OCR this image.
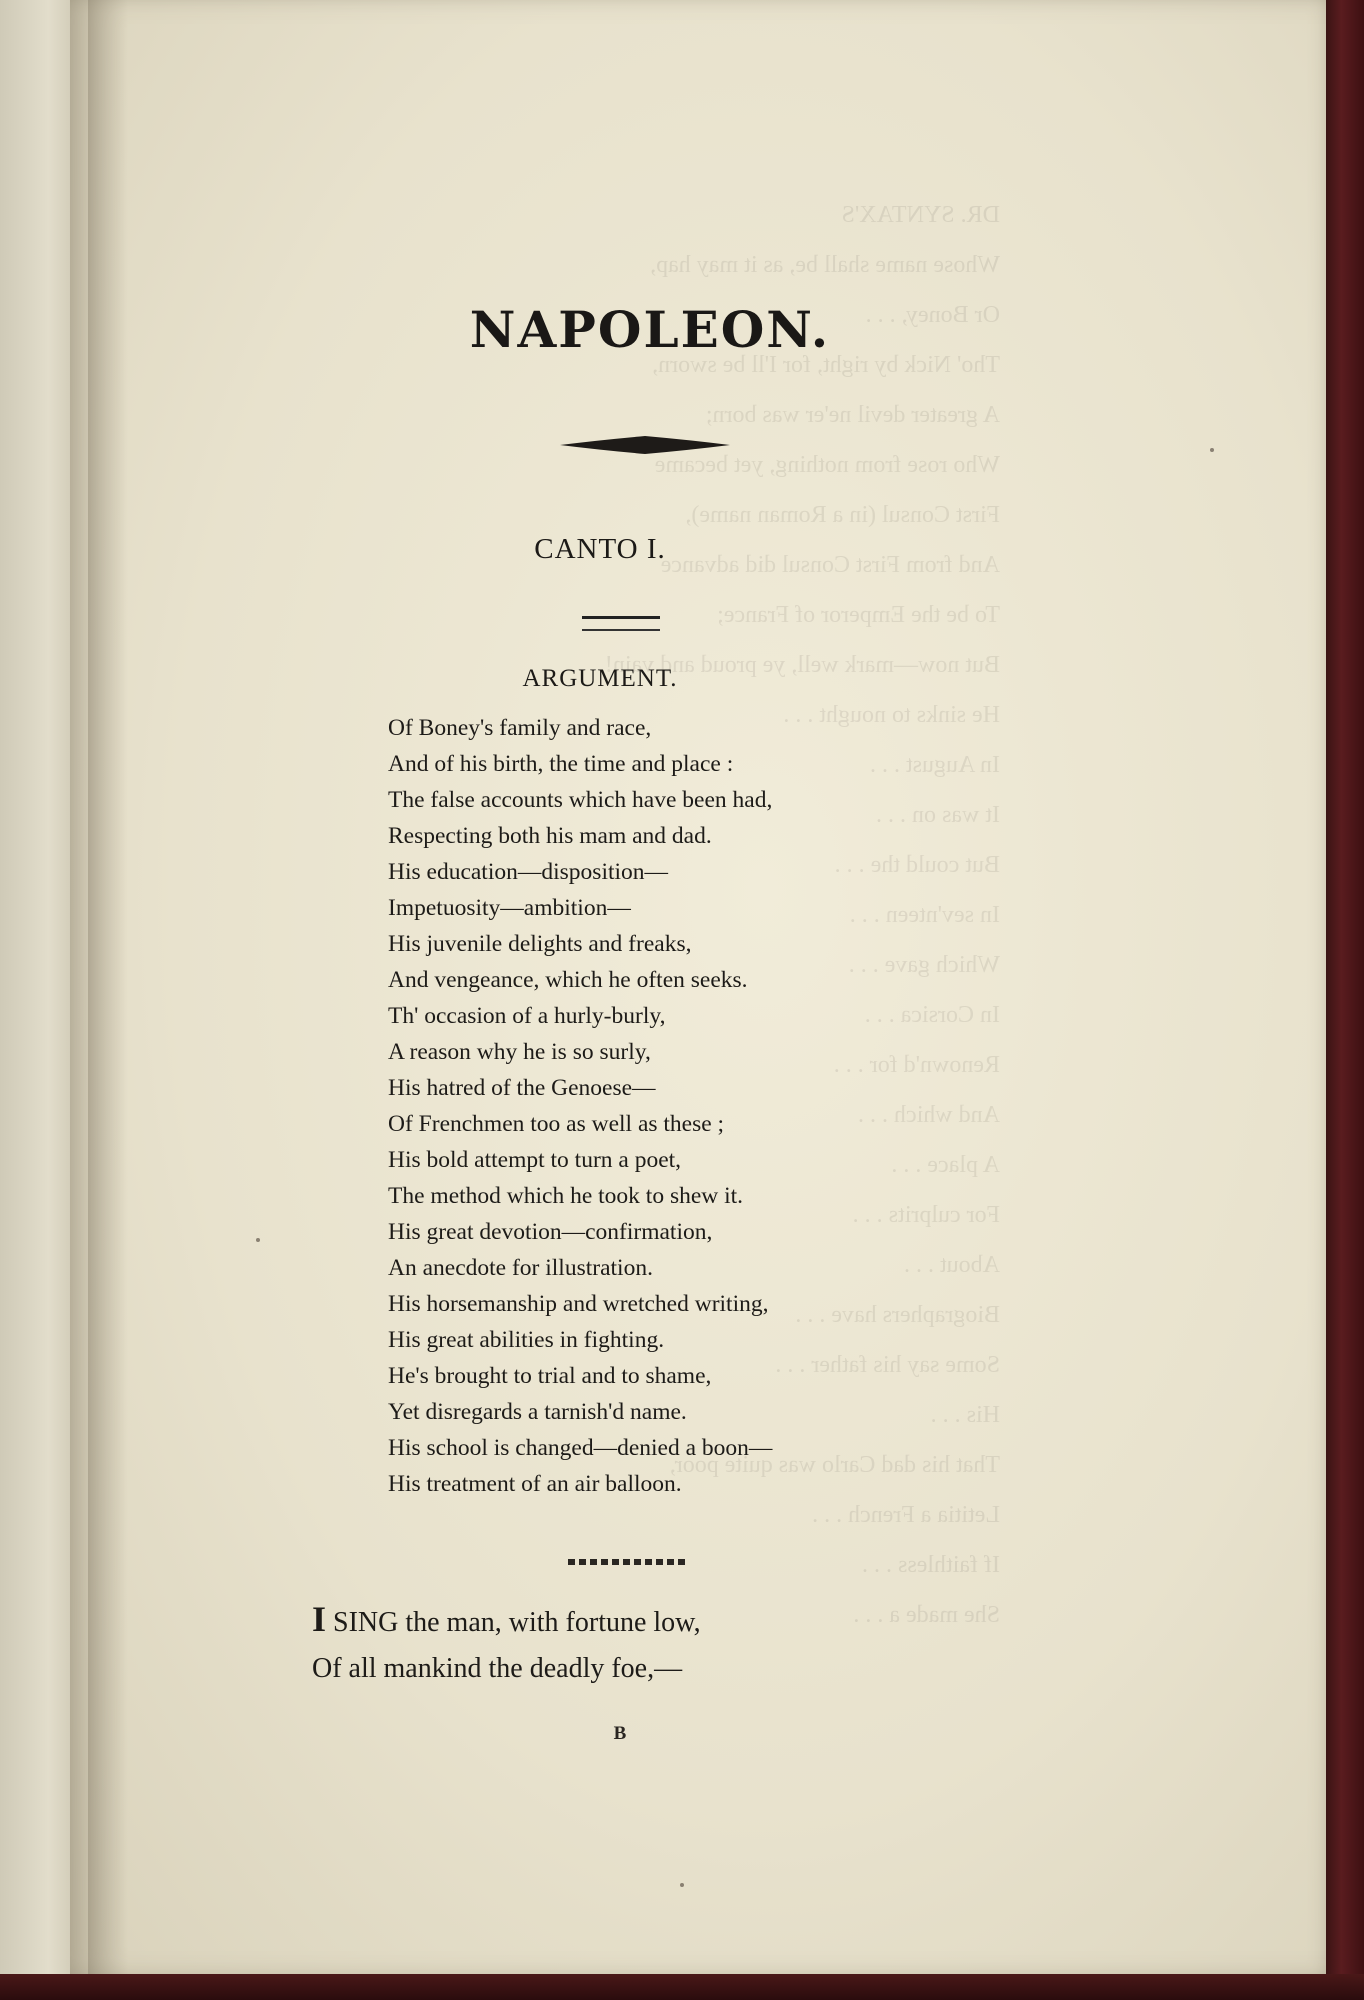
DR. SYNTAX'S
Whose name shall be, as it may hap,
Or Boney, . . .
Tho' Nick by right, for I'll be sworn,
A greater devil ne'er was born;
Who rose from nothing, yet became
First Consul (in a Roman name),
And from First Consul did advance
To be the Emperor of France;
But now—mark well, ye proud and vain!
He sinks to nought . . .
In August . . .
It was on . . .
But could the . . .
In sev'nteen . . .
Which gave . . .
In Corsica . . .
Renown'd for . . .
And which . . .
A place . . .
For culprits . . .
About . . .
Biographers have . . .
Some say his father . . .
His . . .
That his dad Carlo was quite poor,
Letitia a French . . .
If faithless . . .
She made a . . .
NAPOLEON.
CANTO I.
ARGUMENT.
Of Boney's family and race,
And of his birth, the time and place :
The false accounts which have been had,
Respecting both his mam and dad.
His education—disposition—
Impetuosity—ambition—
His juvenile delights and freaks,
And vengeance, which he often seeks.
Th' occasion of a hurly-burly,
A reason why he is so surly,
His hatred of the Genoese—
Of Frenchmen too as well as these ;
His bold attempt to turn a poet,
The method which he took to shew it.
His great devotion—confirmation,
An anecdote for illustration.
His horsemanship and wretched writing,
His great abilities in fighting.
He's brought to trial and to shame,
Yet disregards a tarnish'd name.
His school is changed—denied a boon—
His treatment of an air balloon.
I SING the man, with fortune low,
Of all mankind the deadly foe,—
B
